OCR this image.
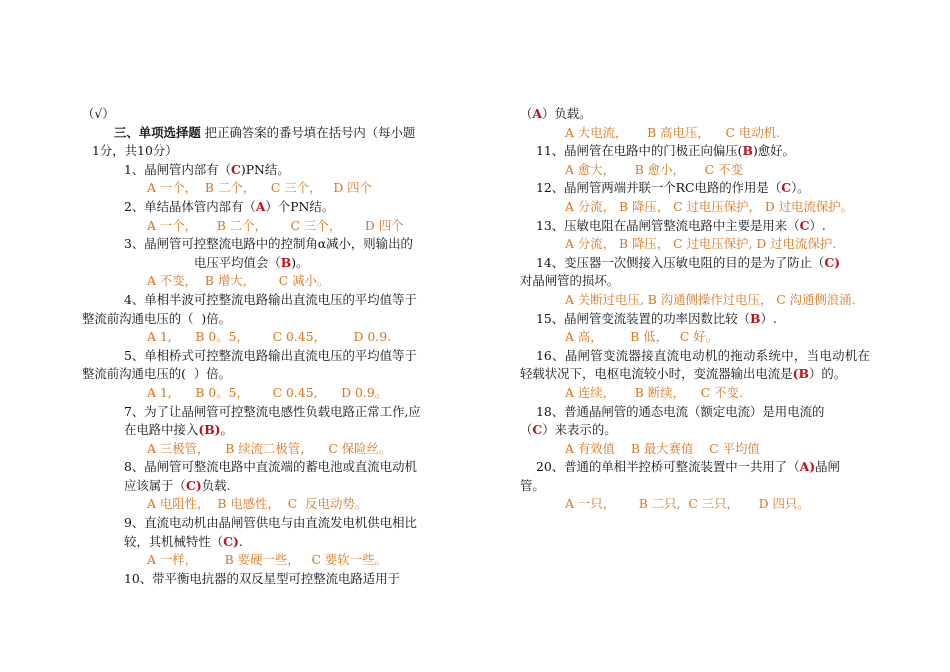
（√）
三、单项选择题 把正确答案的番号填在括号内（每小题
1分，共10分）
1、晶闸管内部有（C)PN结。
A 一个，  B 二个，    C 三个，   D 四个
2、单结晶体管内部有（A）个PN结。
A 一个，     B 二个，      C 三个，      D 四个
3、晶闸管可控整流电路中的控制角α减小，则输出的
电压平均值会（B)。
A 不变，  B 增大，      C 减小。
4、单相半波可控整流电路输出直流电压的平均值等于
整流前沟通电压的（  )倍。
A 1,      B 0。5，      C 0.45，       D 0.9.
5、单相桥式可控整流电路输出直流电压的平均值等于
整流前沟通电压的(  ）倍。
A 1,      B 0。5，      C 0.45,      D 0.9。
7、为了让晶闸管可控整流电感性负载电路正常工作,应
在电路中接入(B)。
A 三极管，    B 续流二极管，    C 保险丝。
8、晶闸管可整流电路中直流端的蓄电池或直流电动机
应该属于（C)负载.
A 电阻性，  B 电感性，  C  反电动势。
9、直流电动机由晶闸管供电与由直流发电机供电相比
较，其机械特性（C).
A 一样，       B 要硬一些，   C 要软一些。
10、带平衡电抗器的双反星型可控整流电路适用于
（A）负载。
A 大电流，     B 高电压，    C 电动机.
11、晶闸管在电路中的门极正向偏压(B)愈好。
A 愈大，     B 愈小，     C 不变
12、晶闸管两端并联一个RC电路的作用是（C）。
A 分流， B 降压， C 过电压保护， D 过电流保护。
13、压敏电阻在晶闸管整流电路中主要是用来（C）.
A 分流， B 降压， C 过电压保护, D 过电流保护.
14、变压器一次侧接入压敏电阻的目的是为了防止（C)
对晶闸管的损坏。
A 关断过电压, B 沟通侧操作过电压， C 沟通侧浪涌.
15、晶闸管变流装置的功率因数比较（B）.
A 高，       B 低，   C 好。
16、晶闸管变流器接直流电动机的拖动系统中，当电动机在轻载状况下，电枢电流较小时，变流器输出电流是(B）的。
A 连续，     B 断续，    C 不变.
18、普通晶闸管的通态电流（额定电流）是用电流的
（C）来表示的。
A 有效值    B 最大赛值    C 平均值
20、普通的单相半控桥可整流装置中一共用了（A)晶闸
管。
A 一只，      B 二只,  C 三只，     D 四只。
